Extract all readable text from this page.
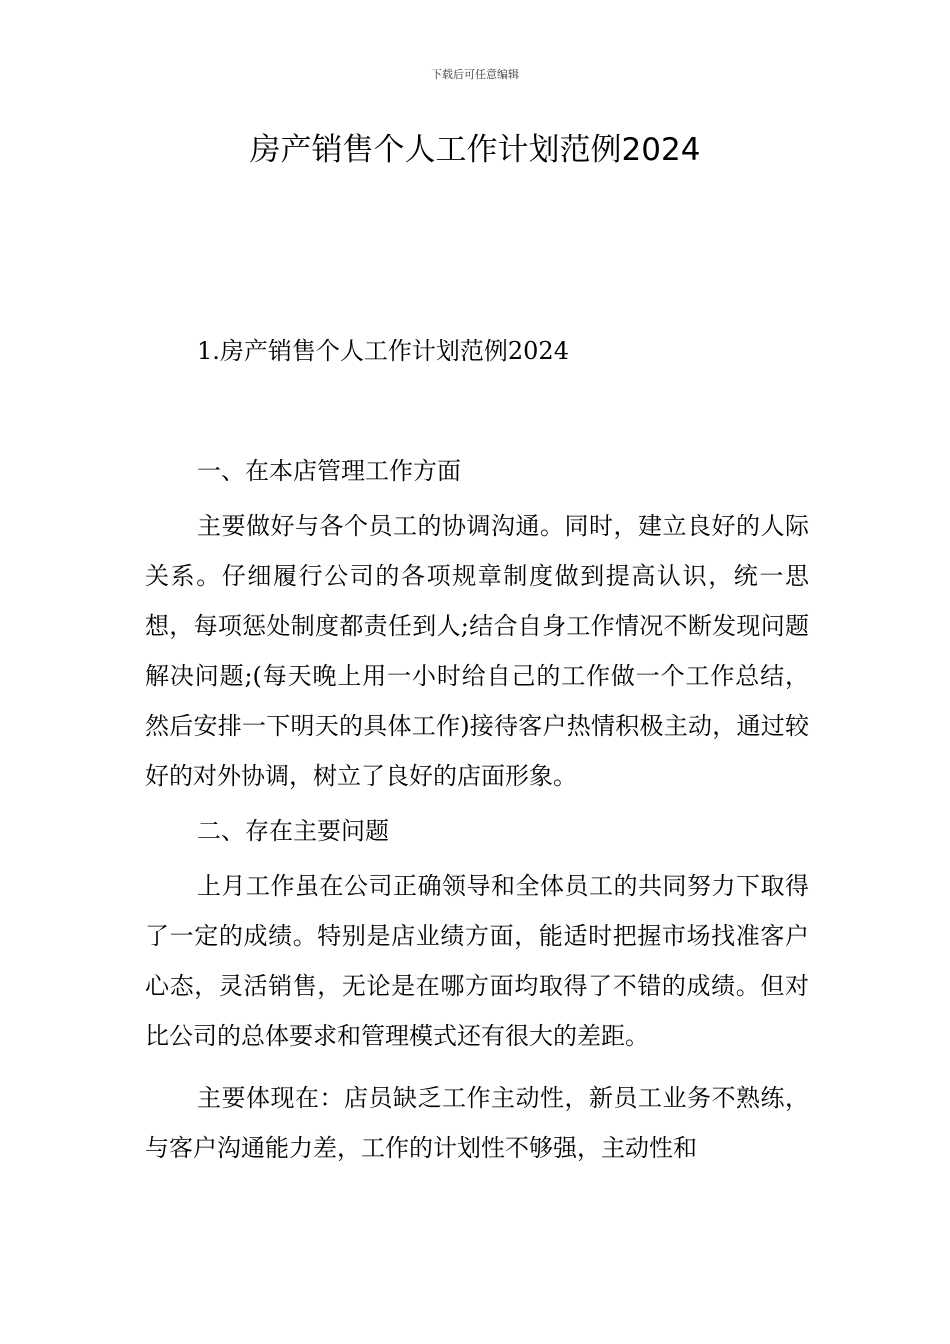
下载后可任意编辑
房产销售个人工作计划范例2024

1.房产销售个人工作计划范例2024

一、在本店管理工作方面

主要做好与各个员工的协调沟通。同时，建立良好的人际关系。仔细履行公司的各项规章制度做到提高认识，统一思想，每项惩处制度都责任到人;结合自身工作情况不断发现问题解决问题;(每天晚上用一小时给自己的工作做一个工作总结，然后安排一下明天的具体工作)接待客户热情积极主动，通过较好的对外协调，树立了良好的店面形象。

二、存在主要问题

上月工作虽在公司正确领导和全体员工的共同努力下取得了一定的成绩。特别是店业绩方面，能适时把握市场找准客户心态，灵活销售，无论是在哪方面均取得了不错的成绩。但对比公司的总体要求和管理模式还有很大的差距。

主要体现在：店员缺乏工作主动性，新员工业务不熟练，与客户沟通能力差，工作的计划性不够强，主动性和
